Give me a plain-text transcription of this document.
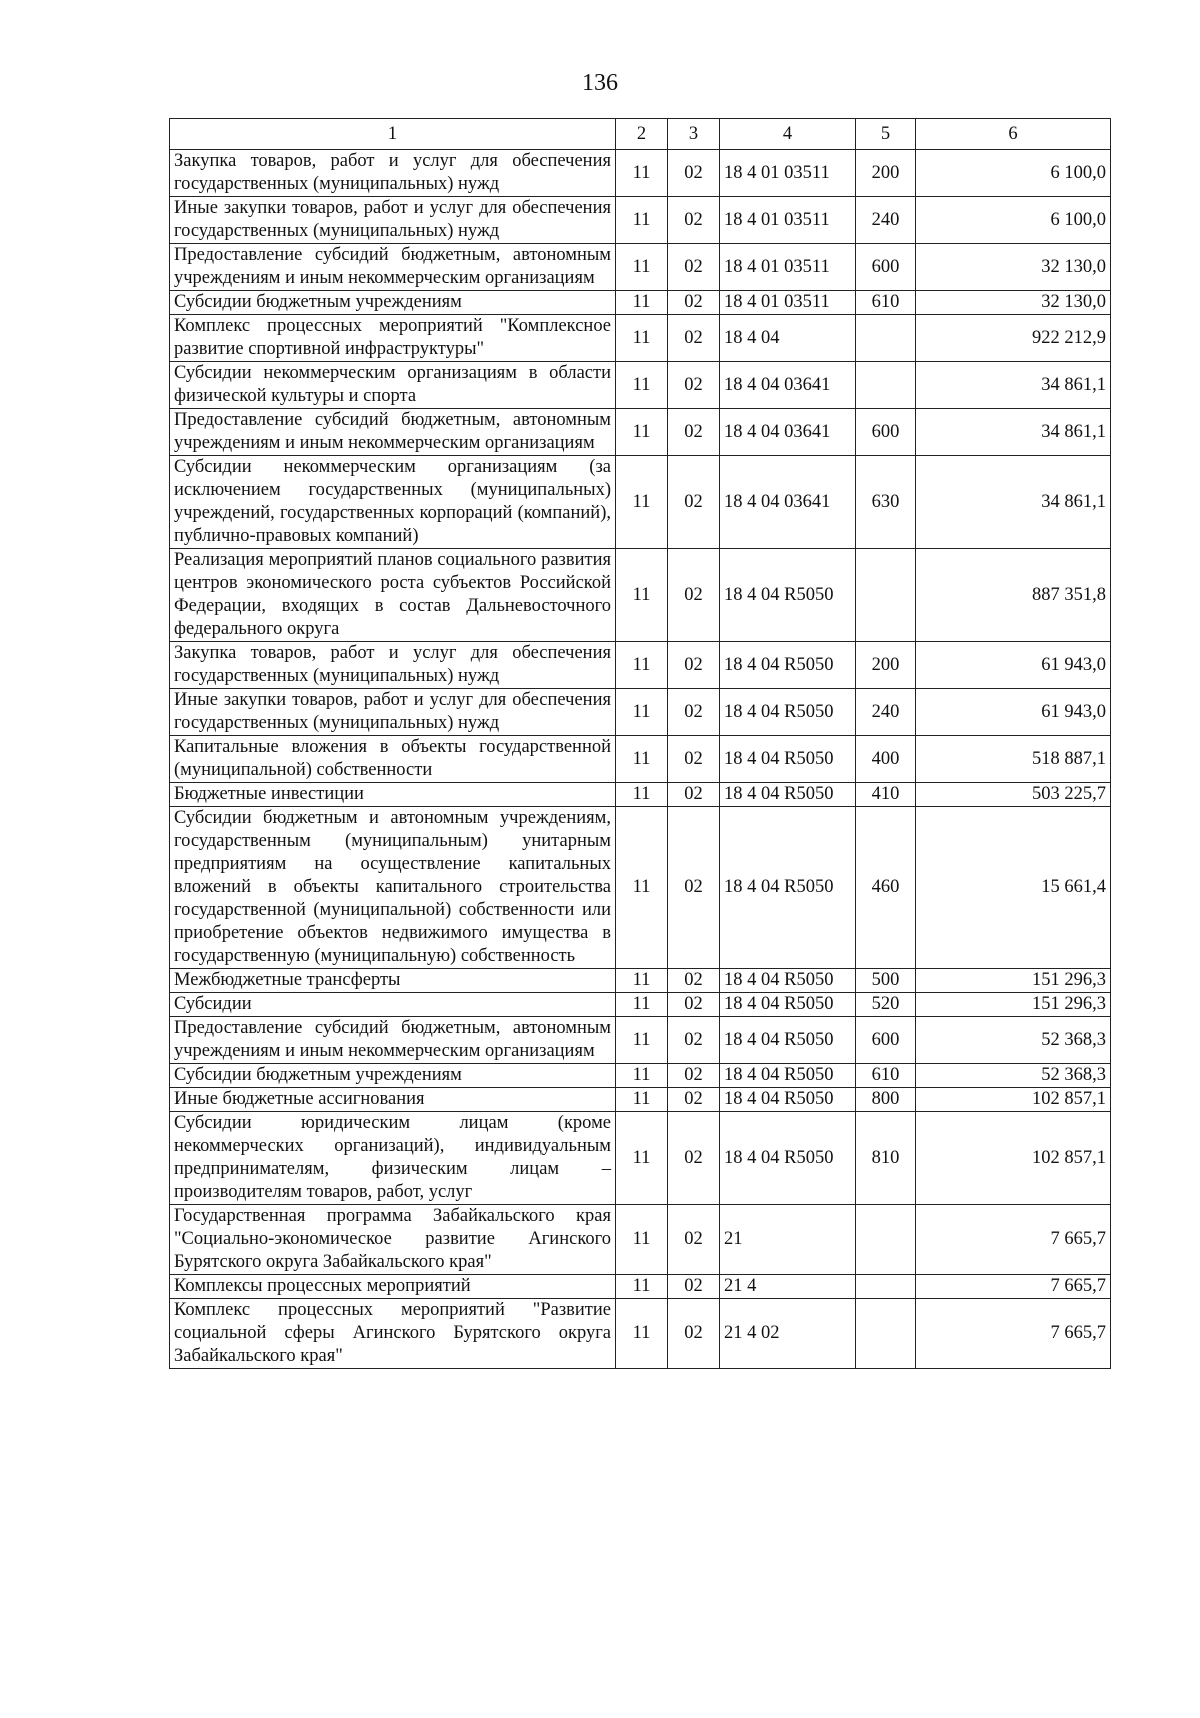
136
1	2	3	4	5	6
Закупка товаров, работ и услуг для обеспечения государственных (муниципальных) нужд	11	02	18 4 01 03511	200	6 100,0
Иные закупки товаров, работ и услуг для обеспечения государственных (муниципальных) нужд	11	02	18 4 01 03511	240	6 100,0
Предоставление субсидий бюджетным, автономным учреждениям и иным некоммерческим организациям	11	02	18 4 01 03511	600	32 130,0
Субсидии бюджетным учреждениям	11	02	18 4 01 03511	610	32 130,0
Комплекс процессных мероприятий "Комплексное развитие спортивной инфраструктуры"	11	02	18 4 04		922 212,9
Субсидии некоммерческим организациям в области физической культуры и спорта	11	02	18 4 04 03641		34 861,1
Предоставление субсидий бюджетным, автономным учреждениям и иным некоммерческим организациям	11	02	18 4 04 03641	600	34 861,1
Субсидии некоммерческим организациям (за исключением государственных (муниципальных) учреждений, государственных корпораций (компаний), публично-правовых компаний)	11	02	18 4 04 03641	630	34 861,1
Реализация мероприятий планов социального развития центров экономического роста субъектов Российской Федерации, входящих в состав Дальневосточного федерального округа	11	02	18 4 04 R5050		887 351,8
Закупка товаров, работ и услуг для обеспечения государственных (муниципальных) нужд	11	02	18 4 04 R5050	200	61 943,0
Иные закупки товаров, работ и услуг для обеспечения государственных (муниципальных) нужд	11	02	18 4 04 R5050	240	61 943,0
Капитальные вложения в объекты государственной (муниципальной) собственности	11	02	18 4 04 R5050	400	518 887,1
Бюджетные инвестиции	11	02	18 4 04 R5050	410	503 225,7
Субсидии бюджетным и автономным учреждениям, государственным (муниципальным) унитарным предприятиям на осуществление капитальных вложений в объекты капитального строительства государственной (муниципальной) собственности или приобретение объектов недвижимого имущества в государственную (муниципальную) собственность	11	02	18 4 04 R5050	460	15 661,4
Межбюджетные трансферты	11	02	18 4 04 R5050	500	151 296,3
Субсидии	11	02	18 4 04 R5050	520	151 296,3
Предоставление субсидий бюджетным, автономным учреждениям и иным некоммерческим организациям	11	02	18 4 04 R5050	600	52 368,3
Субсидии бюджетным учреждениям	11	02	18 4 04 R5050	610	52 368,3
Иные бюджетные ассигнования	11	02	18 4 04 R5050	800	102 857,1
Субсидии юридическим лицам (кроме некоммерческих организаций), индивидуальным предпринимателям, физическим лицам – производителям товаров, работ, услуг	11	02	18 4 04 R5050	810	102 857,1
Государственная программа Забайкальского края "Социально-экономическое развитие Агинского Бурятского округа Забайкальского края"	11	02	21		7 665,7
Комплексы процессных мероприятий	11	02	21 4		7 665,7
Комплекс процессных мероприятий "Развитие социальной сферы Агинского Бурятского округа Забайкальского края"	11	02	21 4 02		7 665,7
